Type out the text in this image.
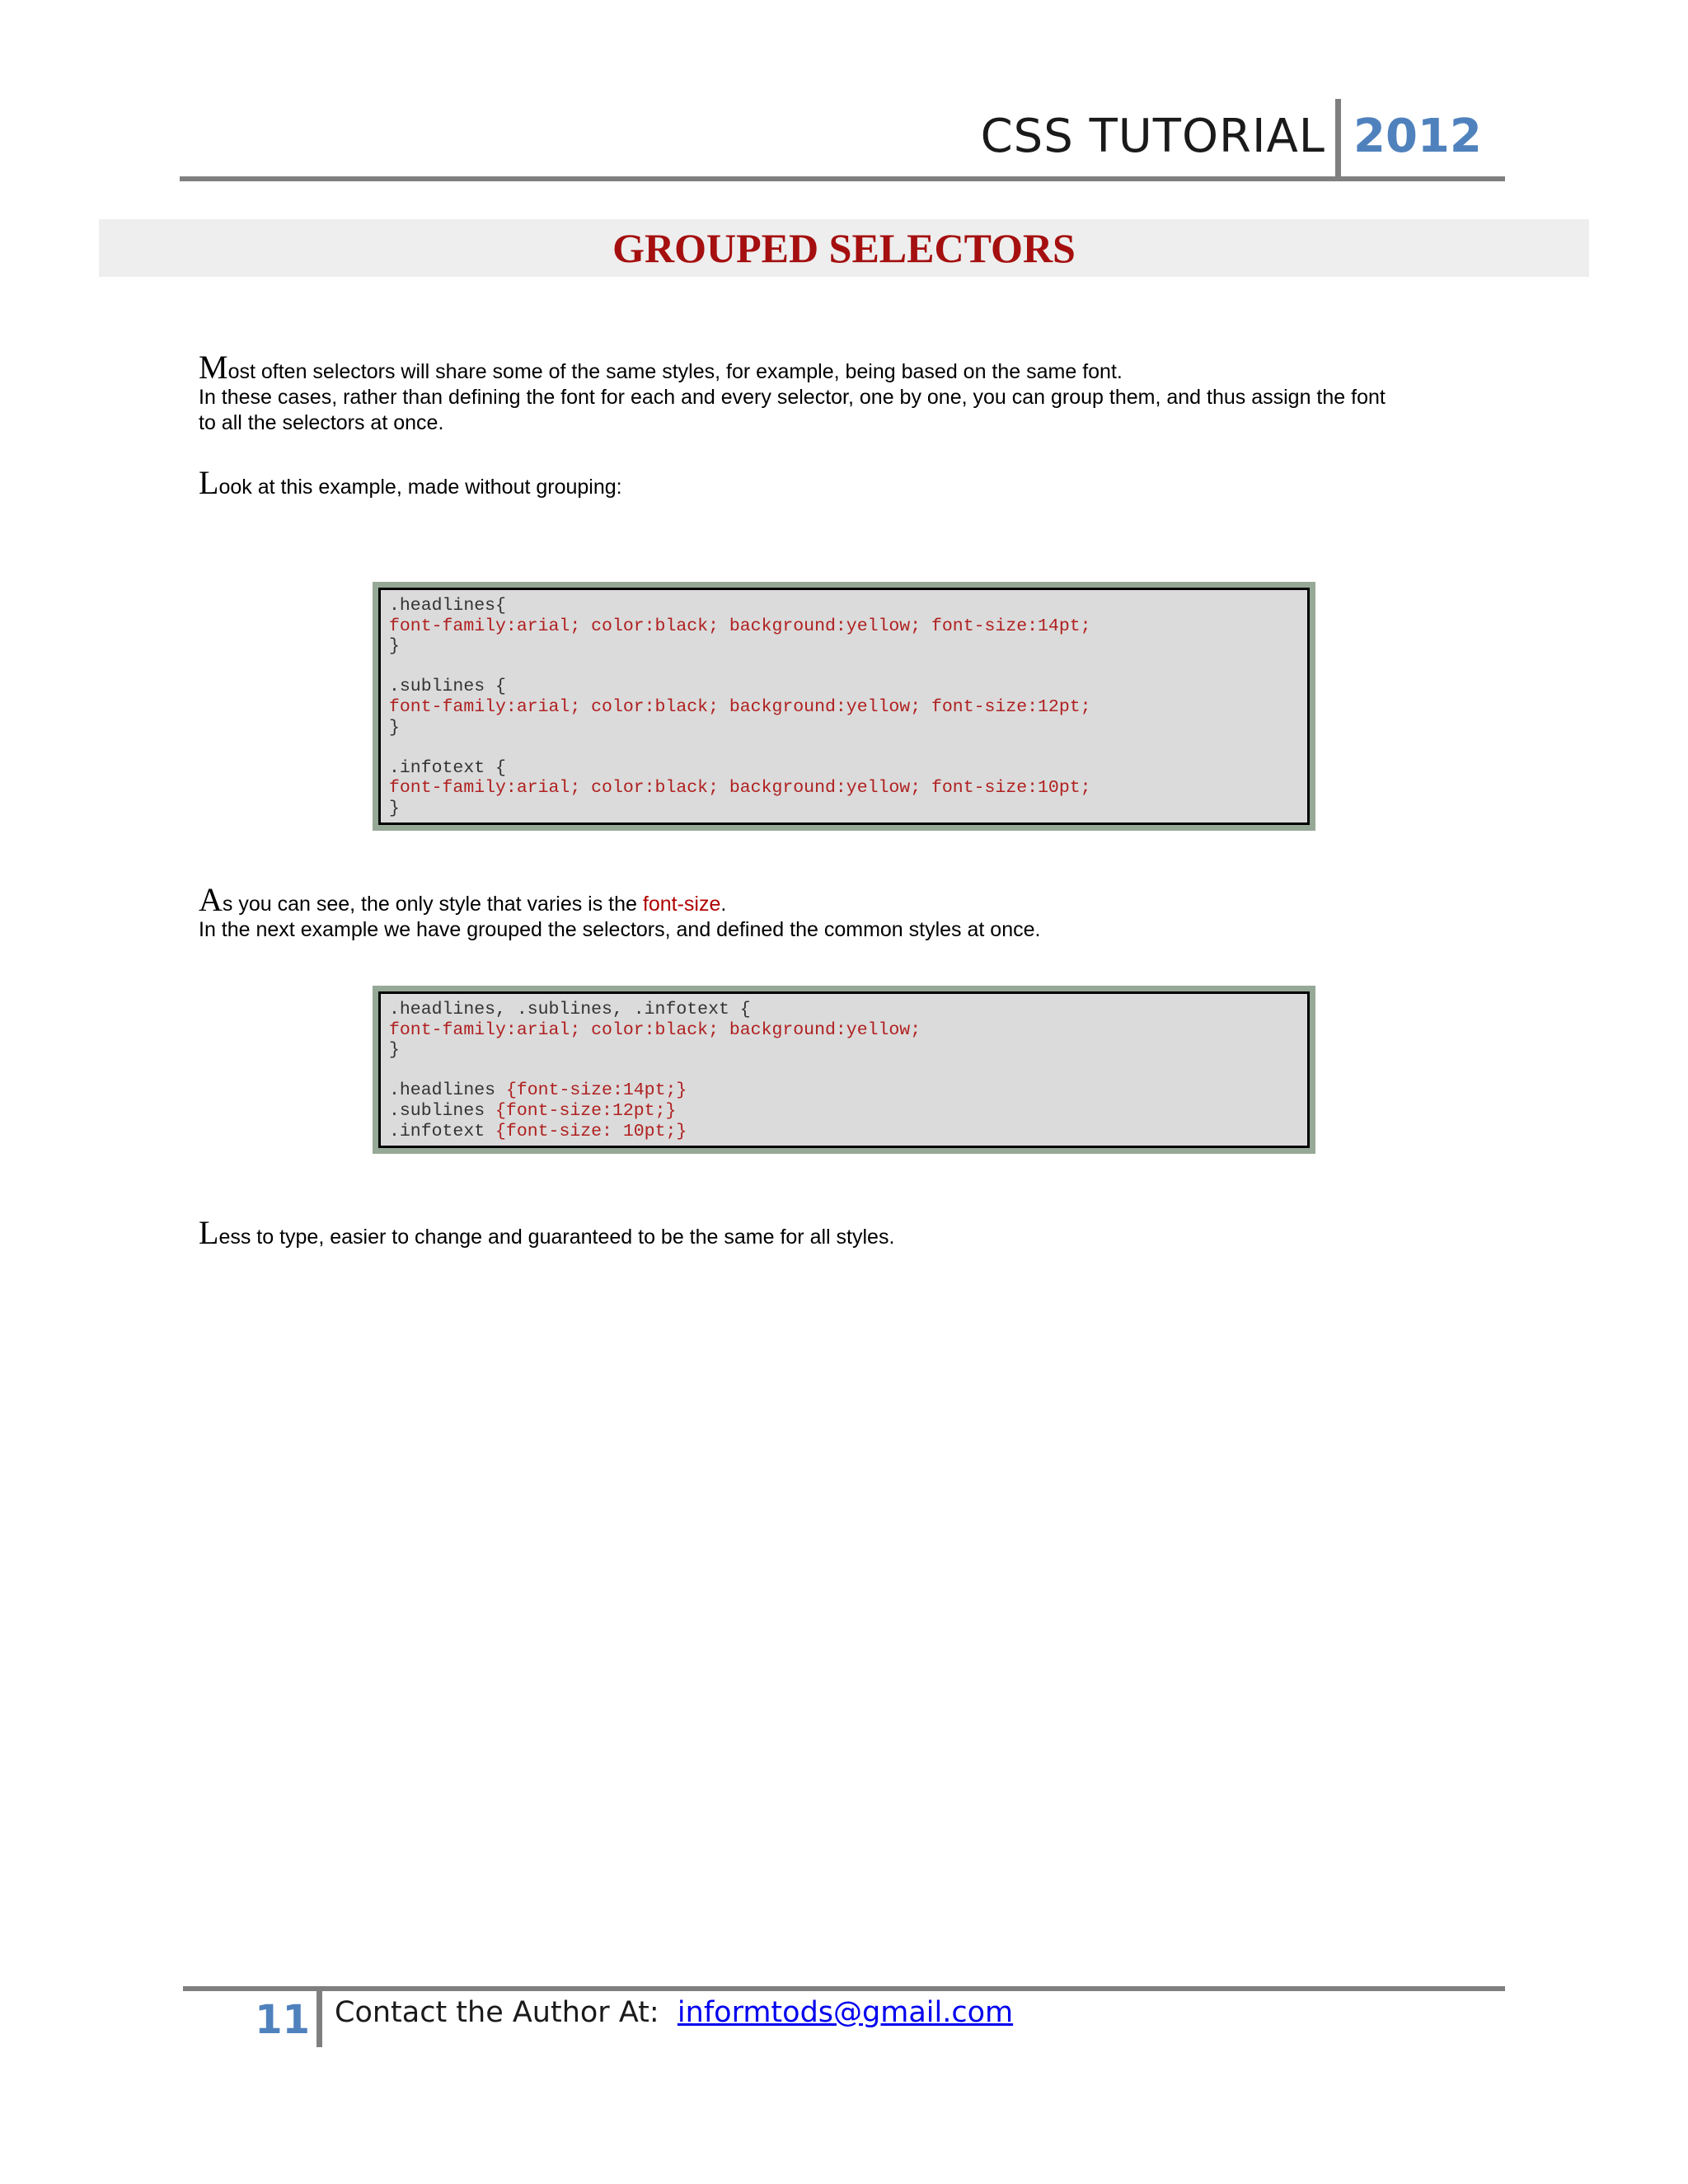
CSS TUTORIAL 2012
GROUPED SELECTORS
Most often selectors will share some of the same styles, for example, being based on the same font.
In these cases, rather than defining the font for each and every selector, one by one, you can group them, and thus assign the font
to all the selectors at once.
Look at this example, made without grouping:
.headlines{
font-family:arial; color:black; background:yellow; font-size:14pt;
}
.sublines {
font-family:arial; color:black; background:yellow; font-size:12pt;
}
.infotext {
font-family:arial; color:black; background:yellow; font-size:10pt;
}
As you can see, the only style that varies is the font-size.
In the next example we have grouped the selectors, and defined the common styles at once.
.headlines, .sublines, .infotext {
font-family:arial; color:black; background:yellow;
}
.headlines {font-size:14pt;}
.sublines {font-size:12pt;}
.infotext {font-size: 10pt;}
Less to type, easier to change and guaranteed to be the same for all styles.
11 Contact the Author At:  informtods@gmail.com
